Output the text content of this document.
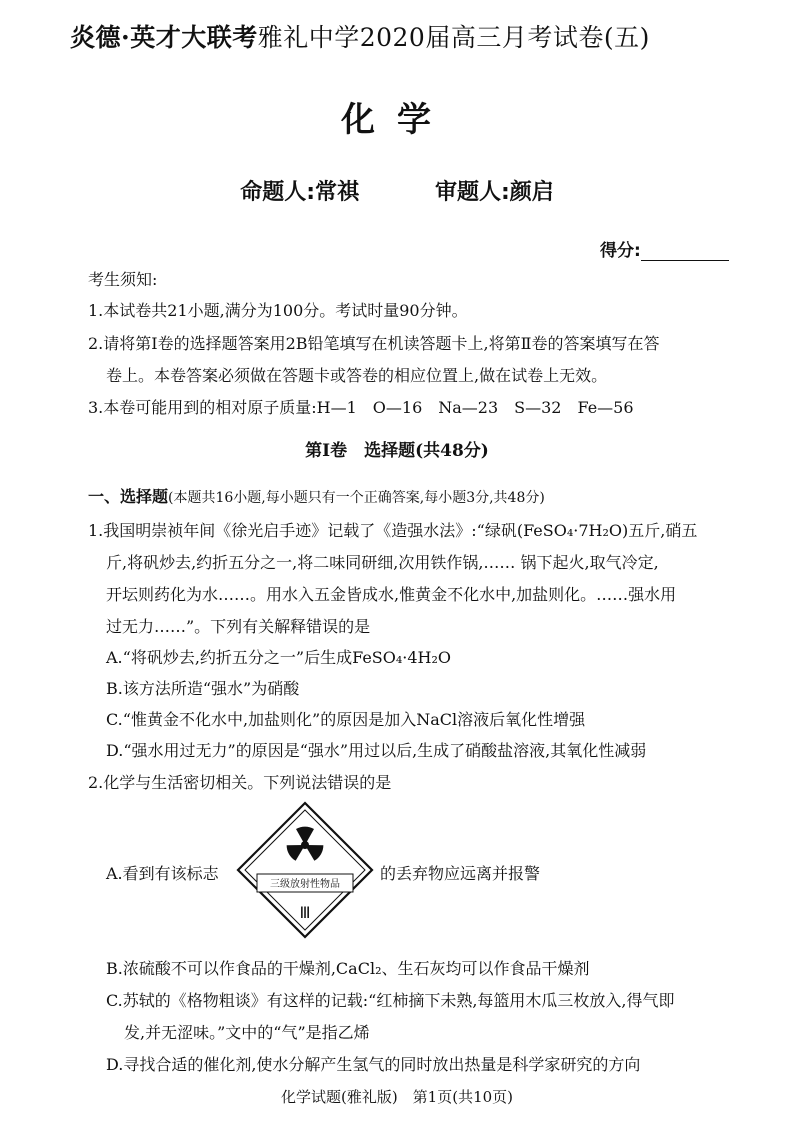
炎德·英才大联考雅礼中学2020届高三月考试卷(五)
化学
命题人:常祺	审题人:颜启
得分:
考生须知:
1.本试卷共21小题,满分为100分。考试时量90分钟。
2.请将第Ⅰ卷的选择题答案用2B铅笔填写在机读答题卡上,将第Ⅱ卷的答案填写在答
卷上。本卷答案必须做在答题卡或答卷的相应位置上,做在试卷上无效。
3.本卷可能用到的相对原子质量:H—1　O—16　Na—23　S—32　Fe—56
第Ⅰ卷　选择题(共48分)
一、选择题(本题共16小题,每小题只有一个正确答案,每小题3分,共48分)
1.我国明崇祯年间《徐光启手迹》记载了《造强水法》:“绿矾(FeSO₄·7H₂O)五斤,硝五
斤,将矾炒去,约折五分之一,将二味同研细,次用铁作锅,…… 锅下起火,取气冷定,
开坛则药化为水……。用水入五金皆成水,惟黄金不化水中,加盐则化。……强水用
过无力……”。下列有关解释错误的是
A.“将矾炒去,约折五分之一”后生成FeSO₄·4H₂O
B.该方法所造“强水”为硝酸
C.“惟黄金不化水中,加盐则化”的原因是加入NaCl溶液后氧化性增强
D.“强水用过无力”的原因是“强水”用过以后,生成了硝酸盐溶液,其氧化性减弱
2.化学与生活密切相关。下列说法错误的是
A.看到有该标志
三级放射性物品
Ⅲ
的丢弃物应远离并报警
B.浓硫酸不可以作食品的干燥剂,CaCl₂、生石灰均可以作食品干燥剂
C.苏轼的《格物粗谈》有这样的记载:“红柿摘下未熟,每篮用木瓜三枚放入,得气即
发,并无涩味。”文中的“气”是指乙烯
D.寻找合适的催化剂,使水分解产生氢气的同时放出热量是科学家研究的方向
化学试题(雅礼版)　第1页(共10页)
